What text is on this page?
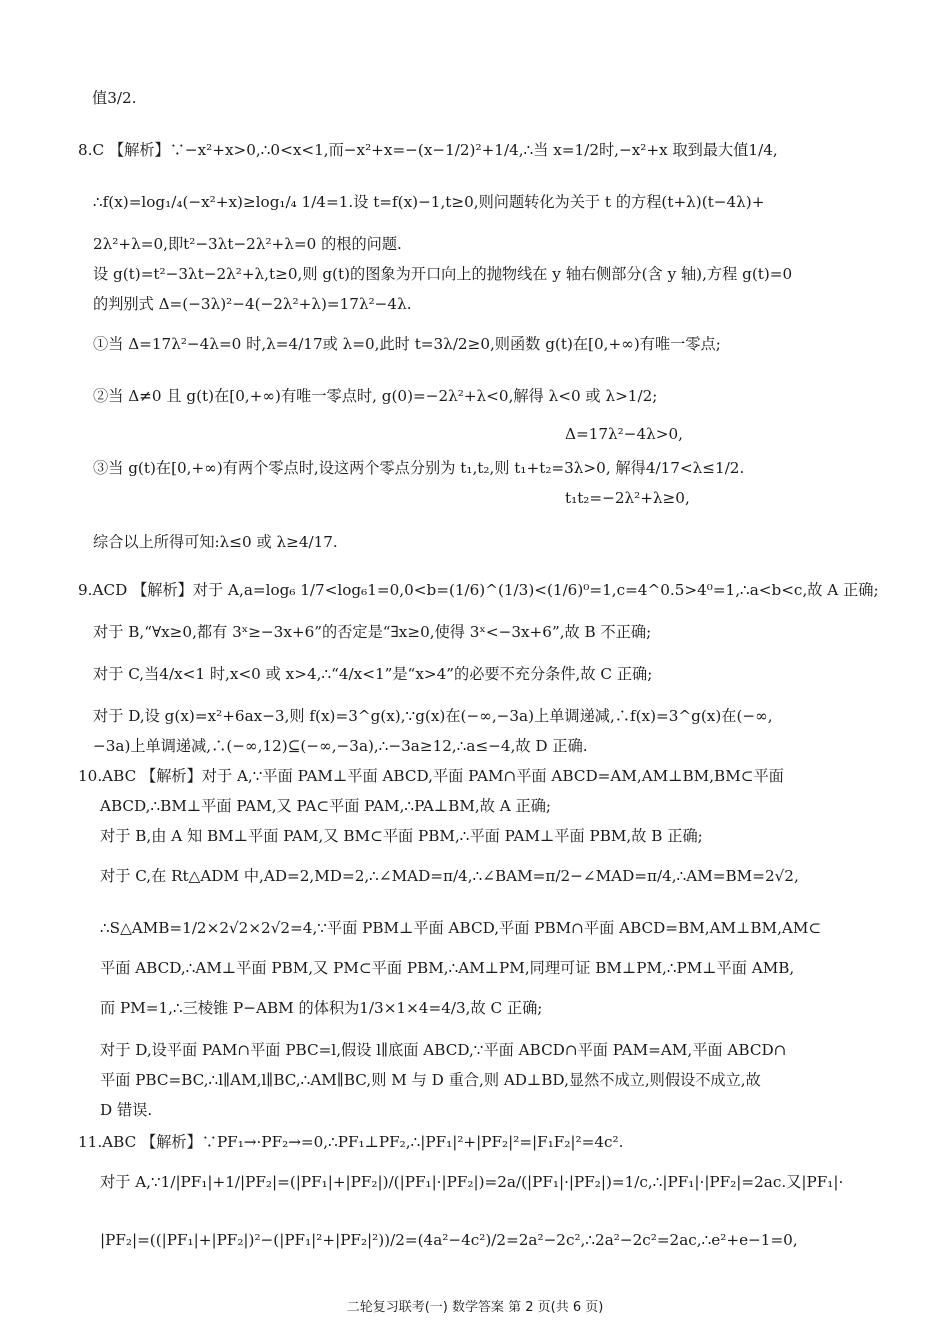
值3/2.
8.C 【解析】∵−x²+x>0,∴0<x<1,而−x²+x=−(x−1/2)²+1/4,∴当 x=1/2时,−x²+x 取到最大值1/4,
∴f(x)=log₁/₄(−x²+x)≥log₁/₄ 1/4=1.设 t=f(x)−1,t≥0,则问题转化为关于 t 的方程(t+λ)(t−4λ)+
2λ²+λ=0,即t²−3λt−2λ²+λ=0 的根的问题.
设 g(t)=t²−3λt−2λ²+λ,t≥0,则 g(t)的图象为开口向上的抛物线在 y 轴右侧部分(含 y 轴),方程 g(t)=0
的判别式 Δ=(−3λ)²−4(−2λ²+λ)=17λ²−4λ.
①当 Δ=17λ²−4λ=0 时,λ=4/17或 λ=0,此时 t=3λ/2≥0,则函数 g(t)在[0,+∞)有唯一零点;
②当 Δ≠0 且 g(t)在[0,+∞)有唯一零点时, g(0)=−2λ²+λ<0,解得 λ<0 或 λ>1/2;
Δ=17λ²−4λ>0,
③当 g(t)在[0,+∞)有两个零点时,设这两个零点分别为 t₁,t₂,则 t₁+t₂=3λ>0, 解得4/17<λ≤1/2.
t₁t₂=−2λ²+λ≥0,
综合以上所得可知:λ≤0 或 λ≥4/17.
9.ACD 【解析】对于 A,a=log₆ 1/7<log₆1=0,0<b=(1/6)^(1/3)<(1/6)⁰=1,c=4^0.5>4⁰=1,∴a<b<c,故 A 正确;
对于 B,“∀x≥0,都有 3ˣ≥−3x+6”的否定是“∃x≥0,使得 3ˣ<−3x+6”,故 B 不正确;
对于 C,当4/x<1 时,x<0 或 x>4,∴“4/x<1”是“x>4”的必要不充分条件,故 C 正确;
对于 D,设 g(x)=x²+6ax−3,则 f(x)=3^g(x),∵g(x)在(−∞,−3a)上单调递减,∴f(x)=3^g(x)在(−∞,
−3a)上单调递减,∴(−∞,12)⊆(−∞,−3a),∴−3a≥12,∴a≤−4,故 D 正确.
10.ABC 【解析】对于 A,∵平面 PAM⊥平面 ABCD,平面 PAM∩平面 ABCD=AM,AM⊥BM,BM⊂平面
ABCD,∴BM⊥平面 PAM,又 PA⊂平面 PAM,∴PA⊥BM,故 A 正确;
对于 B,由 A 知 BM⊥平面 PAM,又 BM⊂平面 PBM,∴平面 PAM⊥平面 PBM,故 B 正确;
对于 C,在 Rt△ADM 中,AD=2,MD=2,∴∠MAD=π/4,∴∠BAM=π/2−∠MAD=π/4,∴AM=BM=2√2,
∴S△AMB=1/2×2√2×2√2=4,∵平面 PBM⊥平面 ABCD,平面 PBM∩平面 ABCD=BM,AM⊥BM,AM⊂
平面 ABCD,∴AM⊥平面 PBM,又 PM⊂平面 PBM,∴AM⊥PM,同理可证 BM⊥PM,∴PM⊥平面 AMB,
而 PM=1,∴三棱锥 P−ABM 的体积为1/3×1×4=4/3,故 C 正确;
对于 D,设平面 PAM∩平面 PBC=l,假设 l∥底面 ABCD,∵平面 ABCD∩平面 PAM=AM,平面 ABCD∩
平面 PBC=BC,∴l∥AM,l∥BC,∴AM∥BC,则 M 与 D 重合,则 AD⊥BD,显然不成立,则假设不成立,故
D 错误.
11.ABC 【解析】∵PF₁→·PF₂→=0,∴PF₁⊥PF₂,∴|PF₁|²+|PF₂|²=|F₁F₂|²=4c².
对于 A,∵1/|PF₁|+1/|PF₂|=(|PF₁|+|PF₂|)/(|PF₁|·|PF₂|)=2a/(|PF₁|·|PF₂|)=1/c,∴|PF₁|·|PF₂|=2ac.又|PF₁|·
|PF₂|=((|PF₁|+|PF₂|)²−(|PF₁|²+|PF₂|²))/2=(4a²−4c²)/2=2a²−2c²,∴2a²−2c²=2ac,∴e²+e−1=0,
二轮复习联考(一) 数学答案 第 2 页(共 6 页)
